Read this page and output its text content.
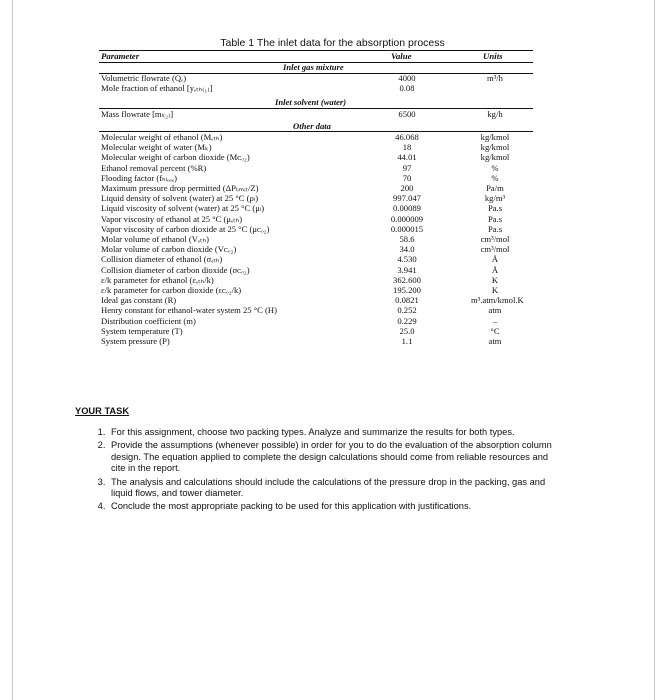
Table 1 The inlet data for the absorption process
Parameter	Value	Units
Inlet gas mixture
Volumetric flowrate (Qₑ)	4000	m³/h
Mole fraction of ethanol [yₑₜₕ₍₁₎]	0.08
Inlet solvent (water)
Mass flowrate [mₗ₍₂₎]	6500	kg/h
Other data
Molecular weight of ethanol (Mₑₜₕ)	46.068	kg/kmol
Molecular weight of water (Mₖ)	18	kg/kmol
Molecular weight of carbon dioxide (Mᴄₒ₂)	44.01	kg/kmol
Ethanol removal percent (%R)	97	%
Flooding factor (fₕₗₒₒₑ)	70	%
Maximum pressure drop permitted (ΔPₗᵢₘᵢₜ/Z)	200	Pa/m
Liquid density of solvent (water) at 25 °C (ρₗ)	997.047	kg/m³
Liquid viscosity of solvent (water) at 25 °C (μₗ)	0.00089	Pa.s
Vapor viscosity of ethanol at 25 °C (μₑₜₕ)	0.000009	Pa.s
Vapor viscosity of carbon dioxide at 25 °C (μᴄₒ₂)	0.000015	Pa.s
Molar volume of ethanol (Vₑₜₕ)	58.6	cm³/mol
Molar volume of carbon dioxide (Vᴄₒ₂)	34.0	cm³/mol
Collision diameter of ethanol (σₑₜₕ)	4.530	Å
Collision diameter of carbon dioxide (σᴄₒ₂)	3.941	Å
ε/k parameter for ethanol (εₑₜₕ/k)	362.600	K
ε/k parameter for carbon dioxide (εᴄₒ₂/k)	195.200	K
Ideal gas constant (R)	0.0821	m³.atm/kmol.K
Henry constant for ethanol-water system 25 °C (H)	0.252	atm
Distribution coefficient (m)	0.229	–
System temperature (T)	25.0	°C
System pressure (P)	1.1	atm
YOUR TASK
1. For this assignment, choose two packing types. Analyze and summarize the results for both types.
2. Provide the assumptions (whenever possible) in order for you to do the evaluation of the absorption column design. The equation applied to complete the design calculations should come from reliable resources and cite in the report.
3. The analysis and calculations should include the calculations of the pressure drop in the packing, gas and liquid flows, and tower diameter.
4. Conclude the most appropriate packing to be used for this application with justifications.
